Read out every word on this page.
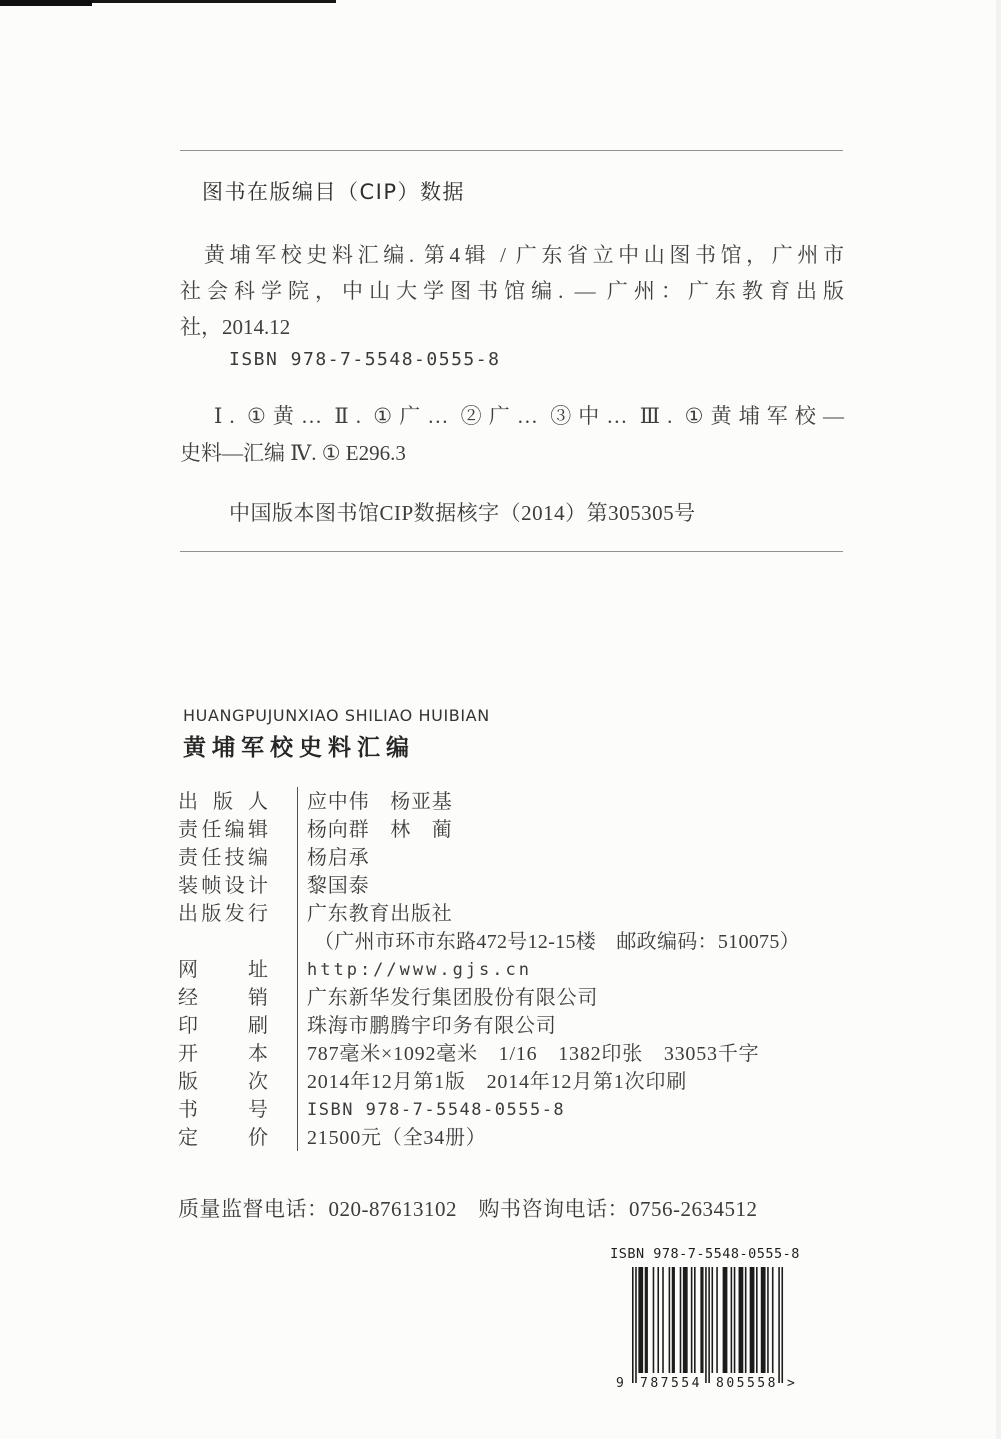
图书在版编目（CIP）数据
黄埔军校史料汇编. 第4辑 / 广东省立中山图书馆，广州市
社会科学院，中山大学图书馆编. — 广州：广东教育出版
社，2014.12
ISBN 978-7-5548-0555-8
Ⅰ. ①黄… Ⅱ. ①广… ②广… ③中… Ⅲ. ①黄埔军校—
史料—汇编 Ⅳ. ① E296.3
中国版本图书馆CIP数据核字（2014）第305305号
HUANGPUJUNXIAO SHILIAO HUIBIAN
黄埔军校史料汇编
出 版 人 应中伟　杨亚基
责任编辑 杨向群　林　蔺
责任技编 杨启承
装帧设计 黎国泰
出版发行 广东教育出版社
（广州市环市东路472号12-15楼　邮政编码：510075）
网 址 http://www.gjs.cn
经 销 广东新华发行集团股份有限公司
印 刷 珠海市鹏腾宇印务有限公司
开 本 787毫米×1092毫米　1/16　1382印张　33053千字
版 次 2014年12月第1版　2014年12月第1次印刷
书 号 ISBN 978-7-5548-0555-8
定 价 21500元（全34册）
质量监督电话：020-87613102　购书咨询电话：0756-2634512
ISBN 978-7-5548-0555-8
9 787554 805558 >
